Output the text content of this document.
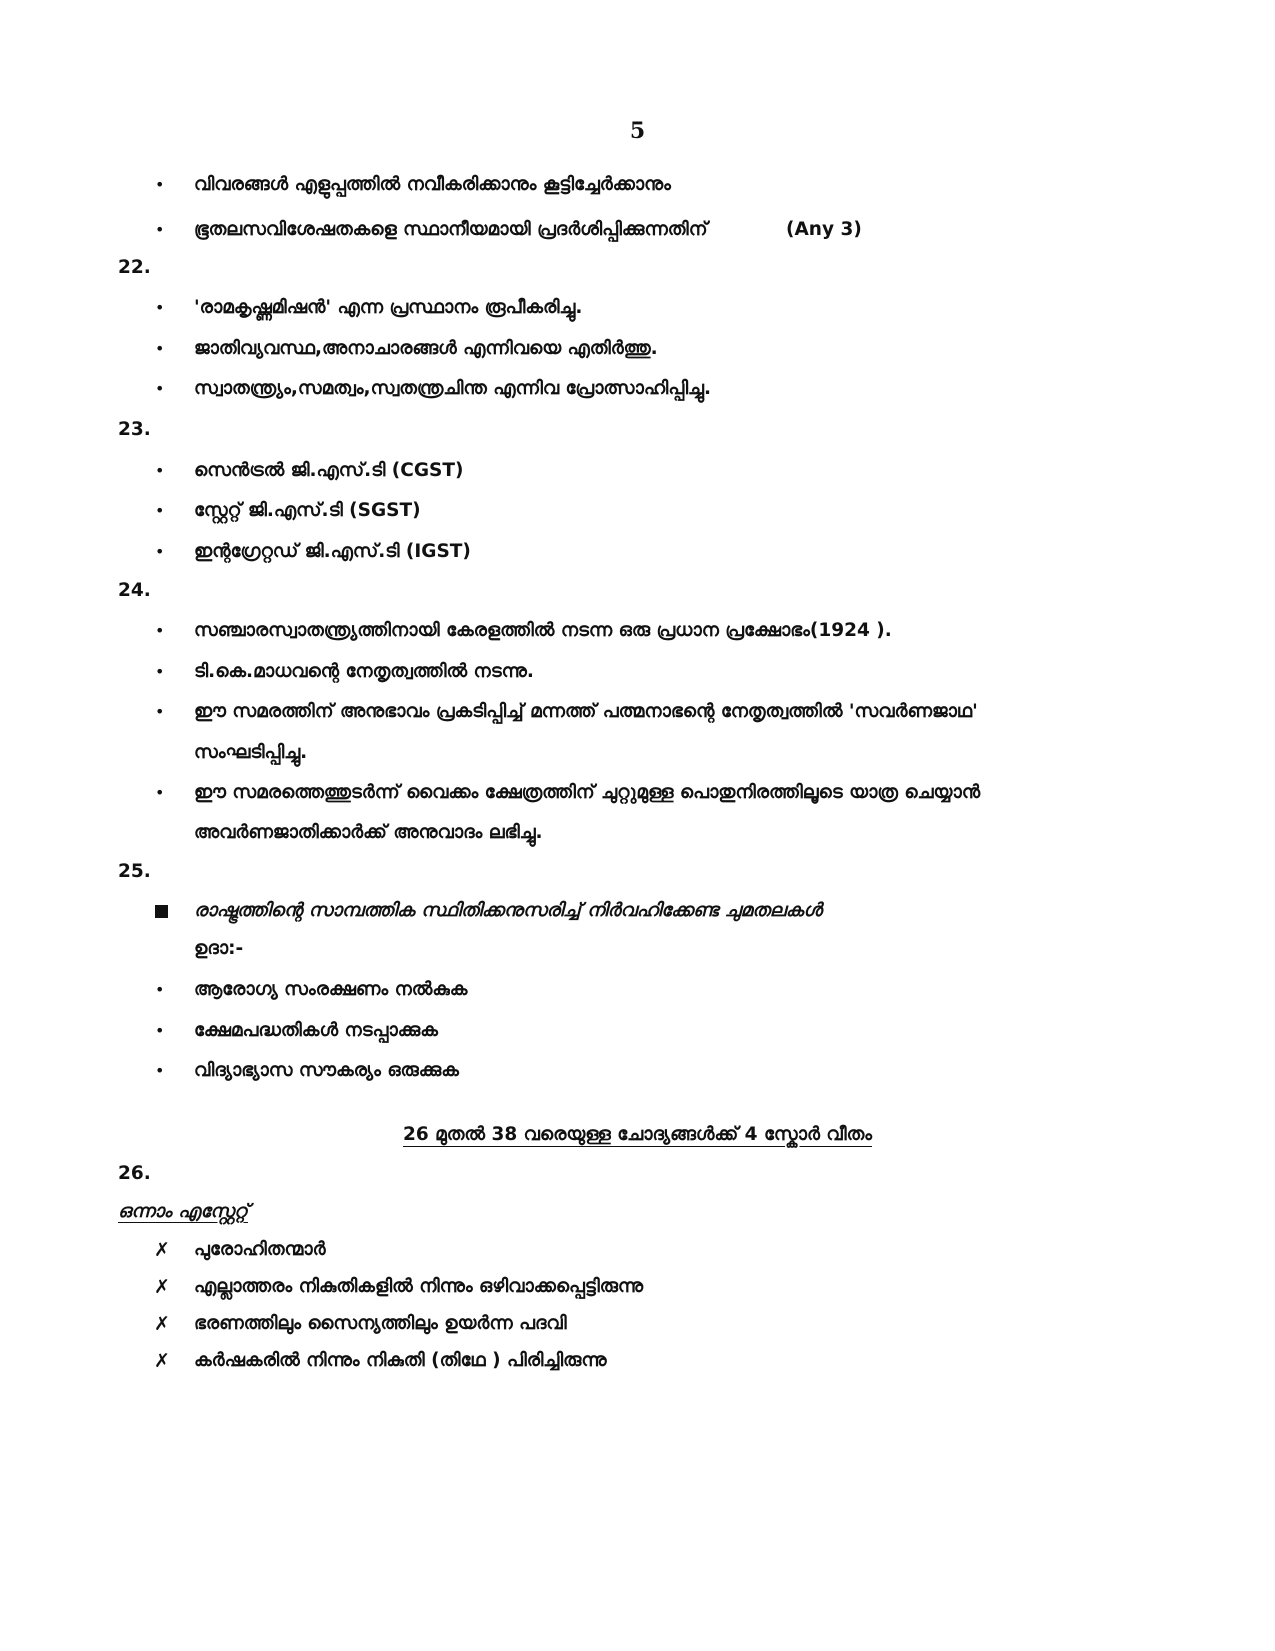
5
• വിവരങ്ങൾ എളുപ്പത്തിൽ നവീകരിക്കാനും കൂട്ടിച്ചേർക്കാനും
• ഭൂതലസവിശേഷതകളെ സ്ഥാനീയമായി പ്രദർശിപ്പിക്കുന്നതിന്	(Any 3)
22.
• 'രാമകൃഷ്ണമിഷൻ' എന്ന പ്രസ്ഥാനം രൂപീകരിച്ചു.
• ജാതിവ്യവസ്ഥ,അനാചാരങ്ങൾ എന്നിവയെ എതിർത്തു.
• സ്വാതന്ത്ര്യം,സമത്വം,സ്വതന്ത്രചിന്ത എന്നിവ പ്രോത്സാഹിപ്പിച്ചു.
23.
• സെൻട്രൽ ജി.എസ്.ടി (CGST)
• സ്റ്റേറ്റ് ജി.എസ്.ടി (SGST)
• ഇന്റഗ്രേറ്റഡ് ജി.എസ്.ടി (IGST)
24.
• സഞ്ചാരസ്വാതന്ത്ര്യത്തിനായി കേരളത്തിൽ നടന്ന ഒരു പ്രധാന പ്രക്ഷോഭം(1924 ).
• ടി.കെ.മാധവന്റെ നേതൃത്വത്തിൽ നടന്നു.
• ഈ സമരത്തിന് അനുഭാവം പ്രകടിപ്പിച്ച് മന്നത്ത് പത്മനാഭന്റെ നേതൃത്വത്തിൽ 'സവർണജാഥ'
സംഘടിപ്പിച്ചു.
• ഈ സമരത്തെത്തുടർന്ന് വൈക്കം ക്ഷേത്രത്തിന് ചുറ്റുമുള്ള പൊതുനിരത്തിലൂടെ യാത്ര ചെയ്യാൻ
അവർണജാതിക്കാർക്ക് അനുവാദം ലഭിച്ചു.
25.
രാഷ്ട്രത്തിന്റെ സാമ്പത്തിക സ്ഥിതിക്കനുസരിച്ച് നിർവഹിക്കേണ്ട ചുമതലകൾ
ഉദാ:-
• ആരോഗ്യ സംരക്ഷണം നൽകുക
• ക്ഷേമപദ്ധതികൾ നടപ്പാക്കുക
• വിദ്യാഭ്യാസ സൗകര്യം ഒരുക്കുക
26 മുതൽ 38 വരെയുള്ള ചോദ്യങ്ങൾക്ക് 4 സ്കോർ വീതം
26.
ഒന്നാം എസ്റ്റേറ്റ്
✗ പുരോഹിതന്മാർ
✗ എല്ലാത്തരം നികുതികളിൽ നിന്നും ഒഴിവാക്കപ്പെട്ടിരുന്നു
✗ ഭരണത്തിലും സൈന്യത്തിലും ഉയർന്ന പദവി
✗ കർഷകരിൽ നിന്നും നികുതി (തിഥേ ) പിരിച്ചിരുന്നു
